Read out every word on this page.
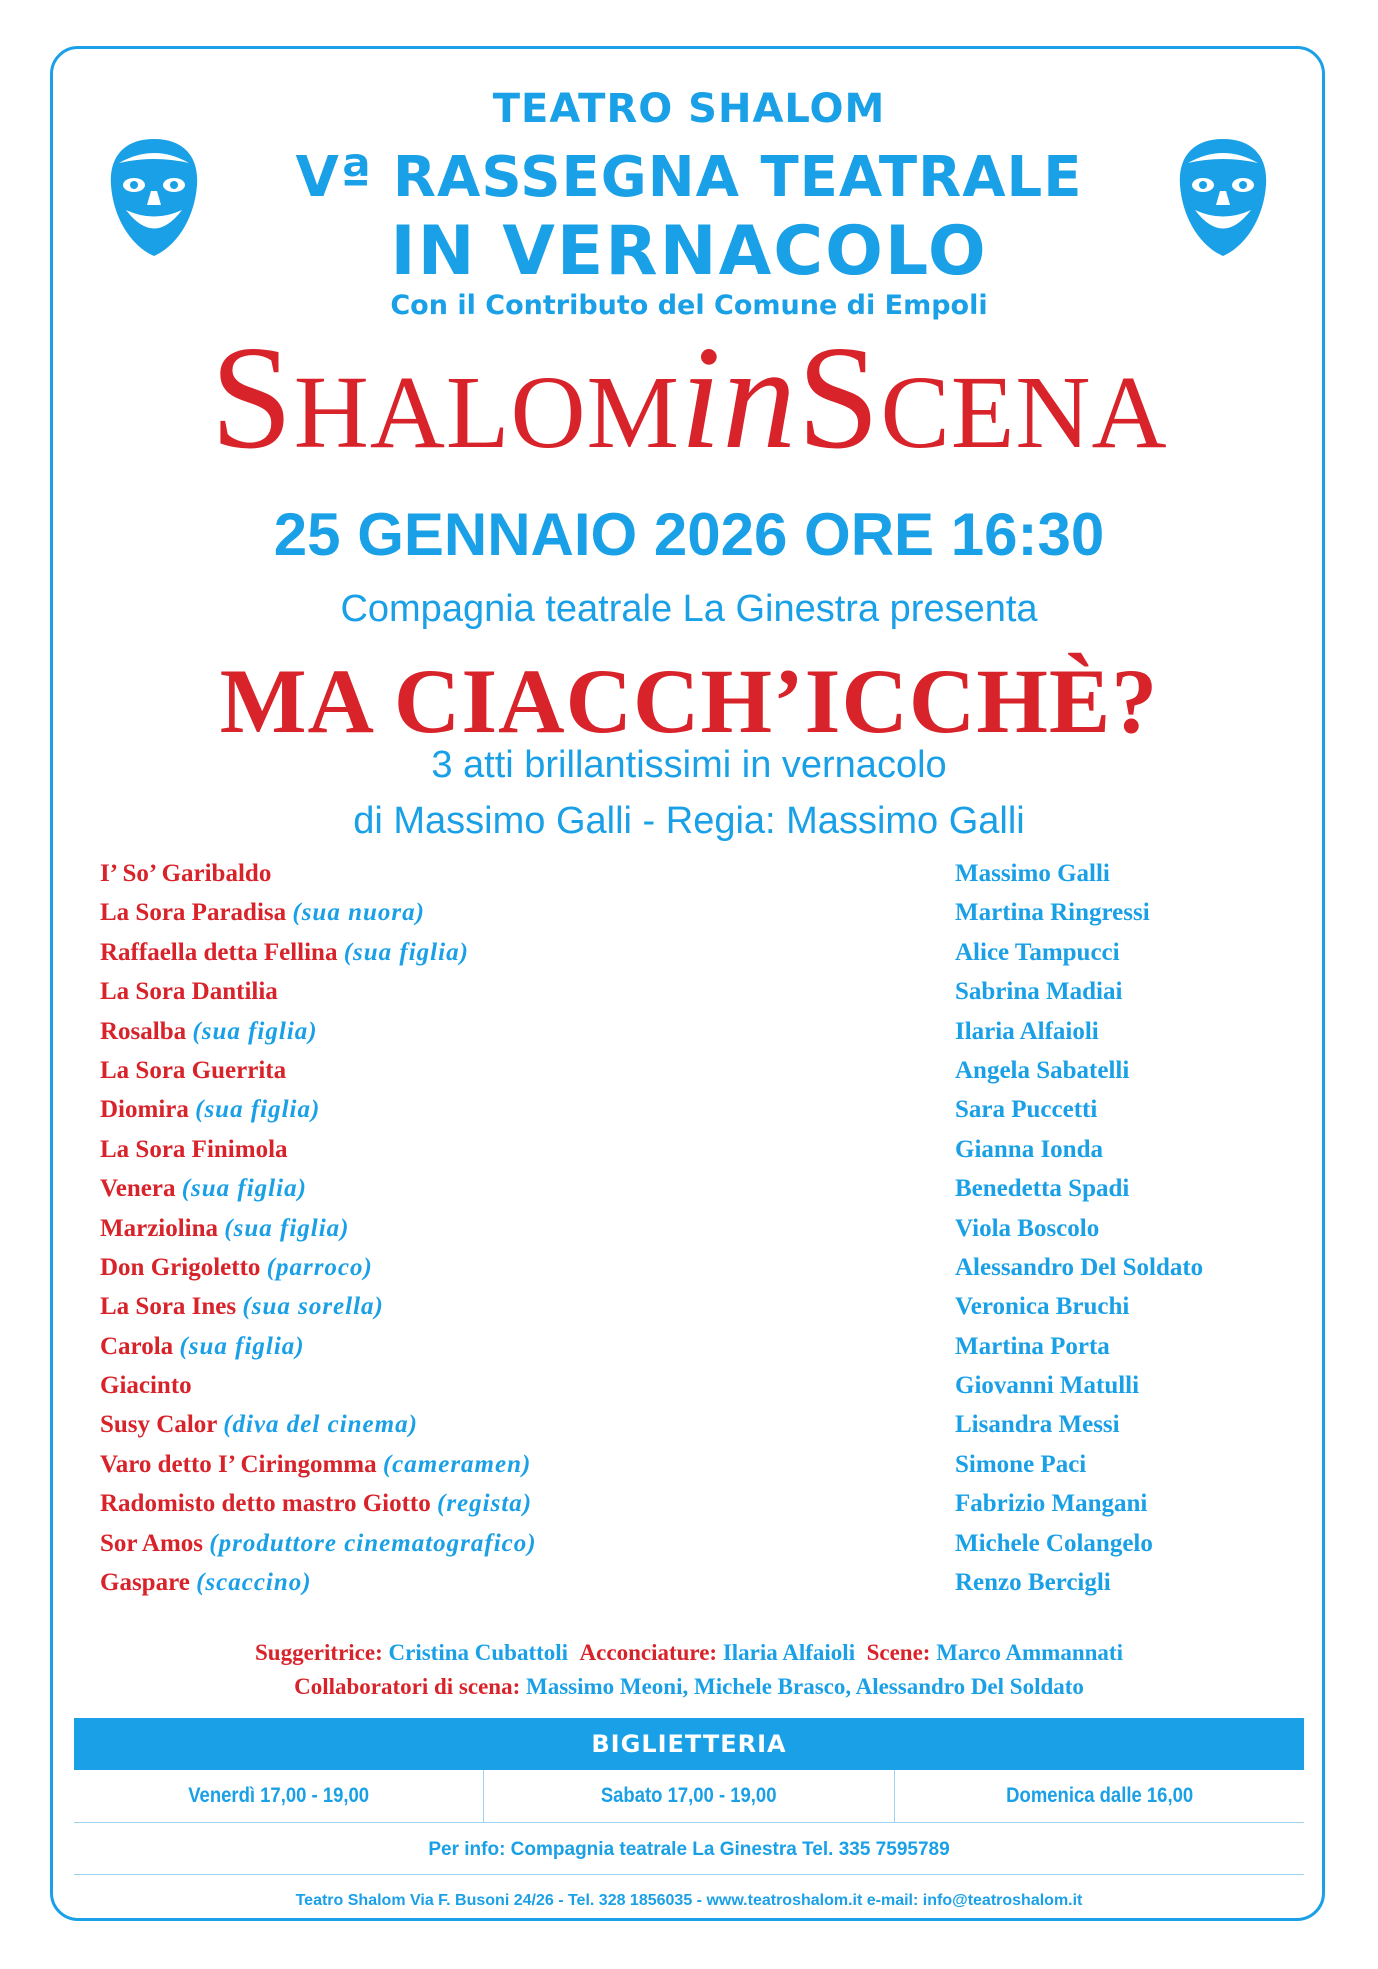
TEATRO SHALOM
Vª RASSEGNA TEATRALE
IN VERNACOLO
Con il Contributo del Comune di Empoli
ShalominScena
25 GENNAIO 2026 ORE 16:30
Compagnia teatrale La Ginestra presenta
MA CIACCH’ICCHÈ?
3 atti brillantissimi in vernacolo
di Massimo Galli - Regia: Massimo Galli
I’ So’ Garibaldo	Massimo Galli
La Sora Paradisa (sua nuora)	Martina Ringressi
Raffaella detta Fellina (sua figlia)	Alice Tampucci
La Sora Dantilia	Sabrina Madiai
Rosalba (sua figlia)	Ilaria Alfaioli
La Sora Guerrita	Angela Sabatelli
Diomira (sua figlia)	Sara Puccetti
La Sora Finimola	Gianna Ionda
Venera (sua figlia)	Benedetta Spadi
Marziolina (sua figlia)	Viola Boscolo
Don Grigoletto (parroco)	Alessandro Del Soldato
La Sora Ines (sua sorella)	Veronica Bruchi
Carola (sua figlia)	Martina Porta
Giacinto	Giovanni Matulli
Susy Calor (diva del cinema)	Lisandra Messi
Varo detto I’ Ciringomma (cameramen)	Simone Paci
Radomisto detto mastro Giotto (regista)	Fabrizio Mangani
Sor Amos (produttore cinematografico)	Michele Colangelo
Gaspare (scaccino)	Renzo Bercigli
Suggeritrice: Cristina Cubattoli Acconciature: Ilaria Alfaioli Scene: Marco Ammannati
Collaboratori di scena: Massimo Meoni, Michele Brasco, Alessandro Del Soldato
BIGLIETTERIA
Venerdì 17,00 - 19,00	Sabato 17,00 - 19,00	Domenica dalle 16,00
Per info: Compagnia teatrale La Ginestra Tel. 335 7595789
Teatro Shalom Via F. Busoni 24/26 - Tel. 328 1856035 - www.teatroshalom.it e-mail: info@teatroshalom.it
